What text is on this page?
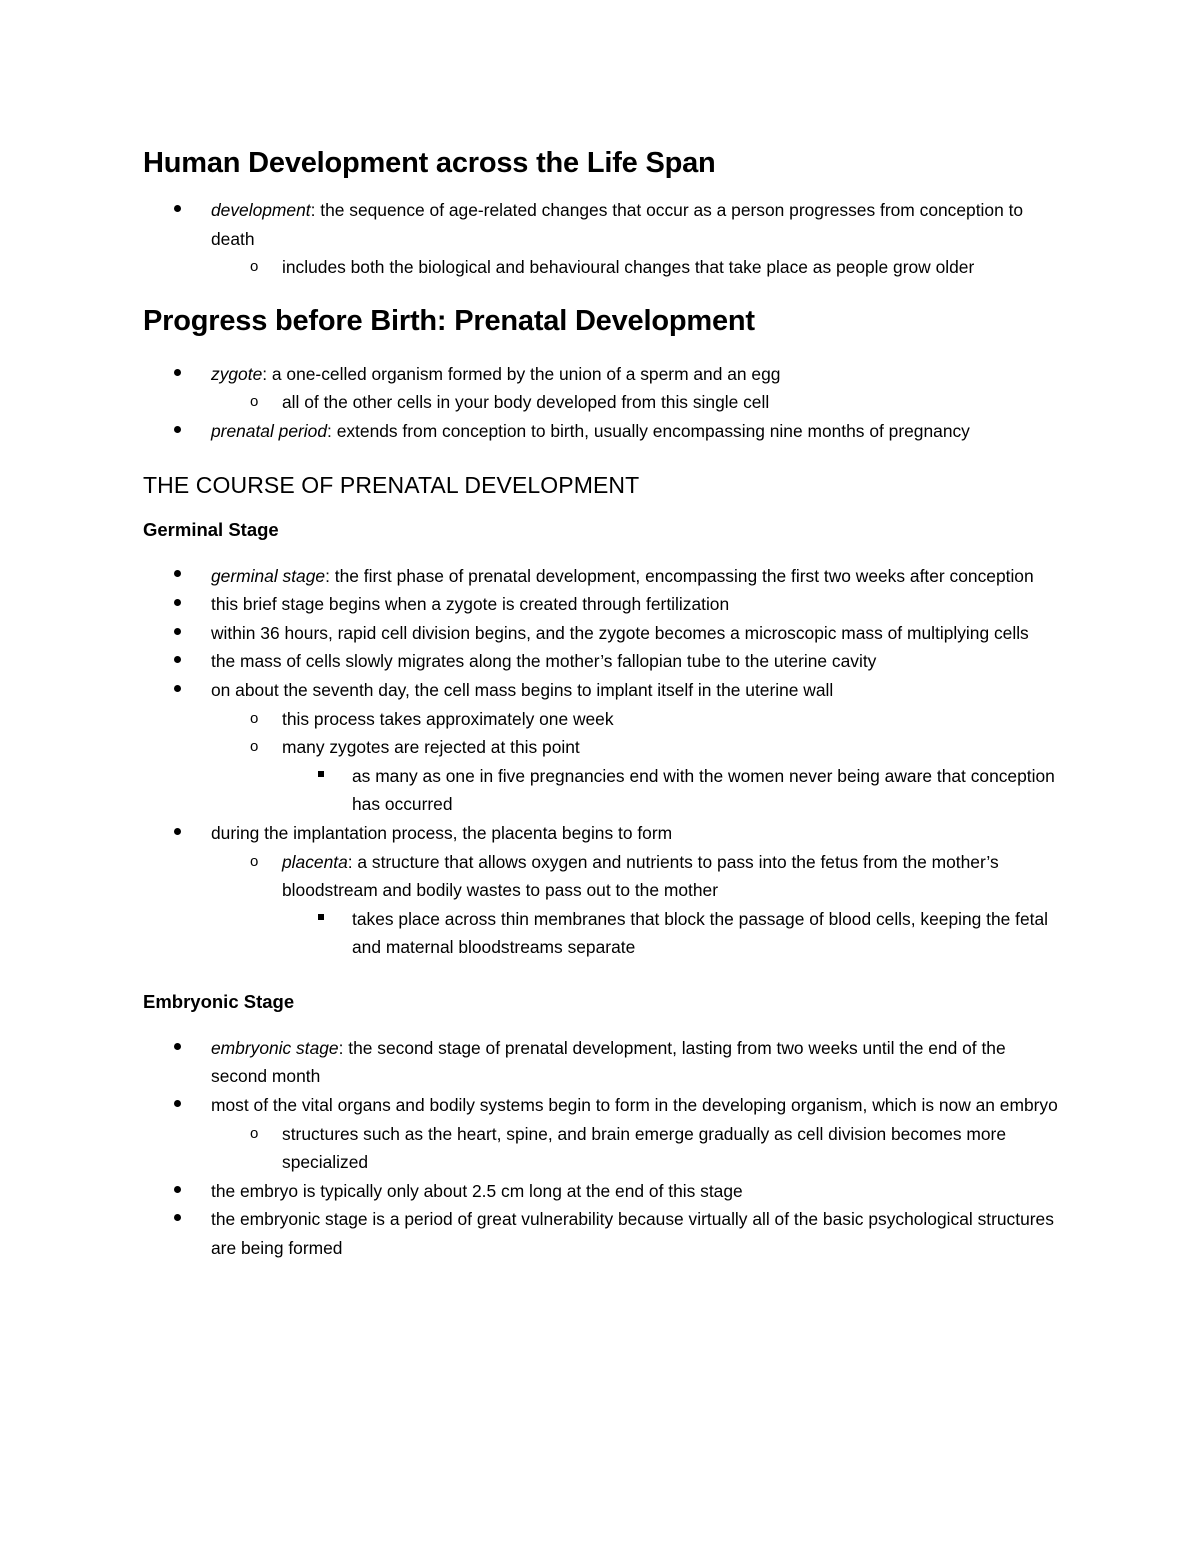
Human Development across the Life Span
development: the sequence of age-related changes that occur as a person progresses from conception to death
o includes both the biological and behavioural changes that take place as people grow older
Progress before Birth: Prenatal Development
zygote: a one-celled organism formed by the union of a sperm and an egg
o all of the other cells in your body developed from this single cell
prenatal period: extends from conception to birth, usually encompassing nine months of pregnancy
THE COURSE OF PRENATAL DEVELOPMENT
Germinal Stage
germinal stage: the first phase of prenatal development, encompassing the first two weeks after conception
this brief stage begins when a zygote is created through fertilization
within 36 hours, rapid cell division begins, and the zygote becomes a microscopic mass of multiplying cells
the mass of cells slowly migrates along the mother’s fallopian tube to the uterine cavity
on about the seventh day, the cell mass begins to implant itself in the uterine wall
o this process takes approximately one week
o many zygotes are rejected at this point
as many as one in five pregnancies end with the women never being aware that conception has occurred
during the implantation process, the placenta begins to form
o placenta: a structure that allows oxygen and nutrients to pass into the fetus from the mother’s bloodstream and bodily wastes to pass out to the mother
takes place across thin membranes that block the passage of blood cells, keeping the fetal and maternal bloodstreams separate
Embryonic Stage
embryonic stage: the second stage of prenatal development, lasting from two weeks until the end of the second month
most of the vital organs and bodily systems begin to form in the developing organism, which is now an embryo
o structures such as the heart, spine, and brain emerge gradually as cell division becomes more specialized
the embryo is typically only about 2.5 cm long at the end of this stage
the embryonic stage is a period of great vulnerability because virtually all of the basic psychological structures are being formed
